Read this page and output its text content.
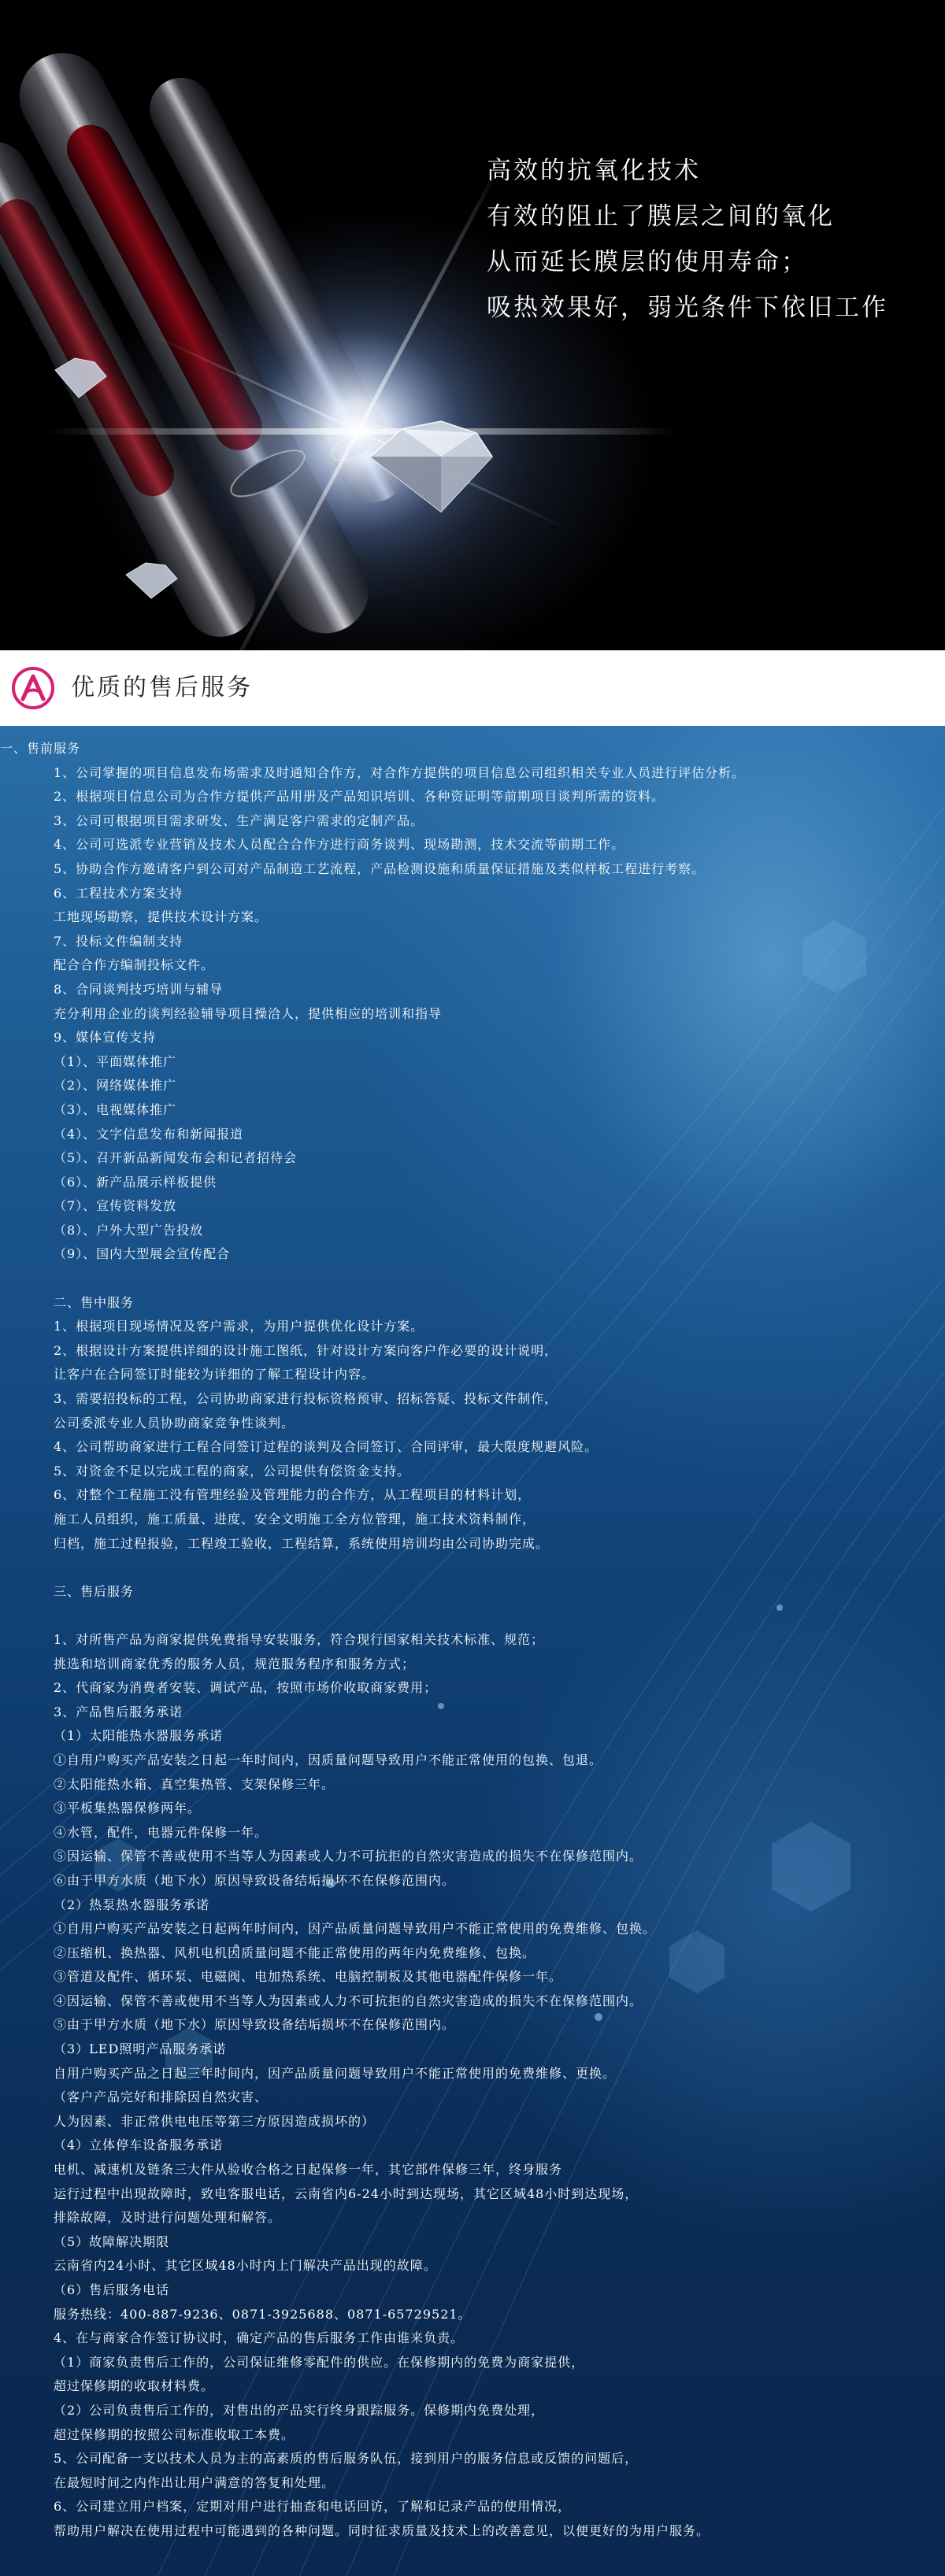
高效的抗氧化技术
有效的阻止了膜层之间的氧化
从而延长膜层的使用寿命；
吸热效果好，弱光条件下依旧工作
优质的售后服务
一、售前服务
1、公司掌握的项目信息发布场需求及时通知合作方，对合作方提供的项目信息公司组织相关专业人员进行评估分析。
2、根据项目信息公司为合作方提供产品用册及产品知识培训、各种资证明等前期项目谈判所需的资料。
3、公司可根据项目需求研发、生产满足客户需求的定制产品。
4、公司可选派专业营销及技术人员配合合作方进行商务谈判、现场勘测，技术交流等前期工作。
5、协助合作方邀请客户到公司对产品制造工艺流程，产品检测设施和质量保证措施及类似样板工程进行考察。
6、工程技术方案支持
工地现场勘察，提供技术设计方案。
7、投标文件编制支持
配合合作方编制投标文件。
8、合同谈判技巧培训与辅导
充分利用企业的谈判经验辅导项目操洽人，提供相应的培训和指导
9、媒体宣传支持
（1）、平面媒体推广
（2）、网络媒体推广
（3）、电视媒体推广
（4）、文字信息发布和新闻报道
（5）、召开新品新闻发布会和记者招待会
（6）、新产品展示样板提供
（7）、宣传资料发放
（8）、户外大型广告投放
（9）、国内大型展会宣传配合
二、售中服务
1、根据项目现场情况及客户需求，为用户提供优化设计方案。
2、根据设计方案提供详细的设计施工图纸，针对设计方案向客户作必要的设计说明，
让客户在合同签订时能较为详细的了解工程设计内容。
3、需要招投标的工程，公司协助商家进行投标资格预审、招标答疑、投标文件制作，
公司委派专业人员协助商家竞争性谈判。
4、公司帮助商家进行工程合同签订过程的谈判及合同签订、合同评审，最大限度规避风险。
5、对资金不足以完成工程的商家，公司提供有偿资金支持。
6、对整个工程施工没有管理经验及管理能力的合作方，从工程项目的材料计划，
施工人员组织，施工质量、进度、安全文明施工全方位管理，施工技术资料制作，
归档，施工过程报验，工程竣工验收，工程结算，系统使用培训均由公司协助完成。
三、售后服务
1、对所售产品为商家提供免费指导安装服务，符合现行国家相关技术标准、规范；
挑选和培训商家优秀的服务人员，规范服务程序和服务方式；
2、代商家为消费者安装、调试产品，按照市场价收取商家费用；
3、产品售后服务承诺
（1）太阳能热水器服务承诺
①自用户购买产品安装之日起一年时间内，因质量问题导致用户不能正常使用的包换、包退。
②太阳能热水箱、真空集热管、支架保修三年。
③平板集热器保修两年。
④水管，配件，电器元件保修一年。
⑤因运输、保管不善或使用不当等人为因素或人力不可抗拒的自然灾害造成的损失不在保修范围内。
⑥由于甲方水质（地下水）原因导致设备结垢损坏不在保修范围内。
（2）热泵热水器服务承诺
①自用户购买产品安装之日起两年时间内，因产品质量问题导致用户不能正常使用的免费维修、包换。
②压缩机、换热器、风机电机因质量问题不能正常使用的两年内免费维修、包换。
③管道及配件、循环泵、电磁阀、电加热系统、电脑控制板及其他电器配件保修一年。
④因运输、保管不善或使用不当等人为因素或人力不可抗拒的自然灾害造成的损失不在保修范围内。
⑤由于甲方水质（地下水）原因导致设备结垢损坏不在保修范围内。
（3）LED照明产品服务承诺
自用户购买产品之日起三年时间内，因产品质量问题导致用户不能正常使用的免费维修、更换。
（客户产品完好和排除因自然灾害、
人为因素、非正常供电电压等第三方原因造成损坏的）
（4）立体停车设备服务承诺
电机、减速机及链条三大件从验收合格之日起保修一年，其它部件保修三年，终身服务
运行过程中出现故障时，致电客服电话，云南省内6-24小时到达现场，其它区域48小时到达现场，
排除故障，及时进行问题处理和解答。
（5）故障解决期限
云南省内24小时、其它区域48小时内上门解决产品出现的故障。
（6）售后服务电话
服务热线：400-887-9236、0871-3925688、0871-65729521。
4、在与商家合作签订协议时，确定产品的售后服务工作由谁来负责。
（1）商家负责售后工作的，公司保证维修零配件的供应。在保修期内的免费为商家提供，
超过保修期的收取材料费。
（2）公司负责售后工作的，对售出的产品实行终身跟踪服务。保修期内免费处理，
超过保修期的按照公司标准收取工本费。
5、公司配备一支以技术人员为主的高素质的售后服务队伍，接到用户的服务信息或反馈的问题后，
在最短时间之内作出让用户满意的答复和处理。
6、公司建立用户档案，定期对用户进行抽查和电话回访，了解和记录产品的使用情况，
帮助用户解决在使用过程中可能遇到的各种问题。同时征求质量及技术上的改善意见，以便更好的为用户服务。
